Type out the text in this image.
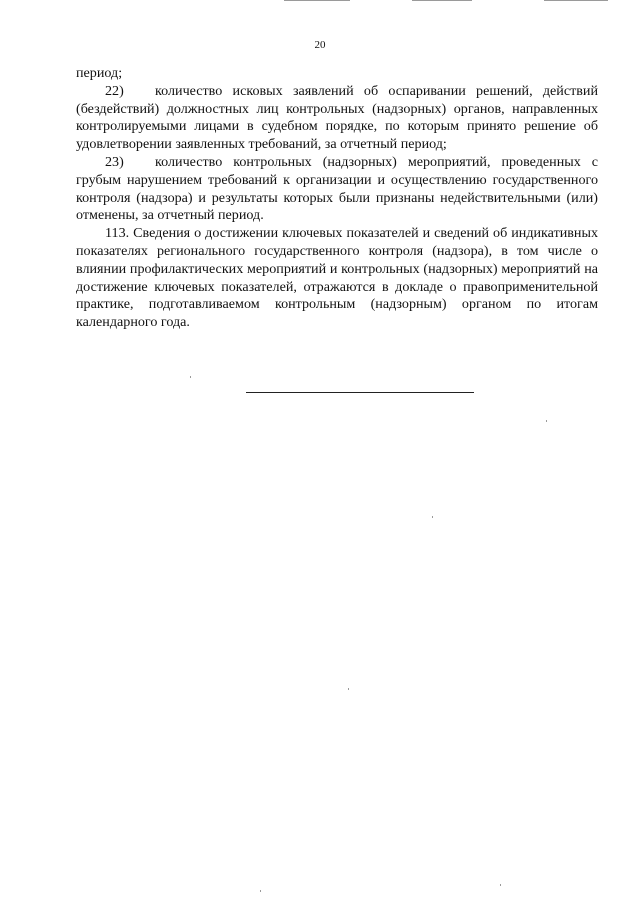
20

период;

22) количество исковых заявлений об оспаривании решений, действий (бездействий) должностных лиц контрольных (надзорных) органов, направленных контролируемыми лицами в судебном порядке, по которым принято решение об удовлетворении заявленных требований, за отчетный период;

23) количество контрольных (надзорных) мероприятий, проведенных с грубым нарушением требований к организации и осуществлению государственного контроля (надзора) и результаты которых были признаны недействительными (или) отменены, за отчетный период.

113. Сведения о достижении ключевых показателей и сведений об индикативных показателях регионального государственного контроля (надзора), в том числе о влиянии профилактических мероприятий и контрольных (надзорных) мероприятий на достижение ключевых показателей, отражаются в докладе о правоприменительной практике, подготавливаемом контрольным (надзорным) органом по итогам календарного года.
